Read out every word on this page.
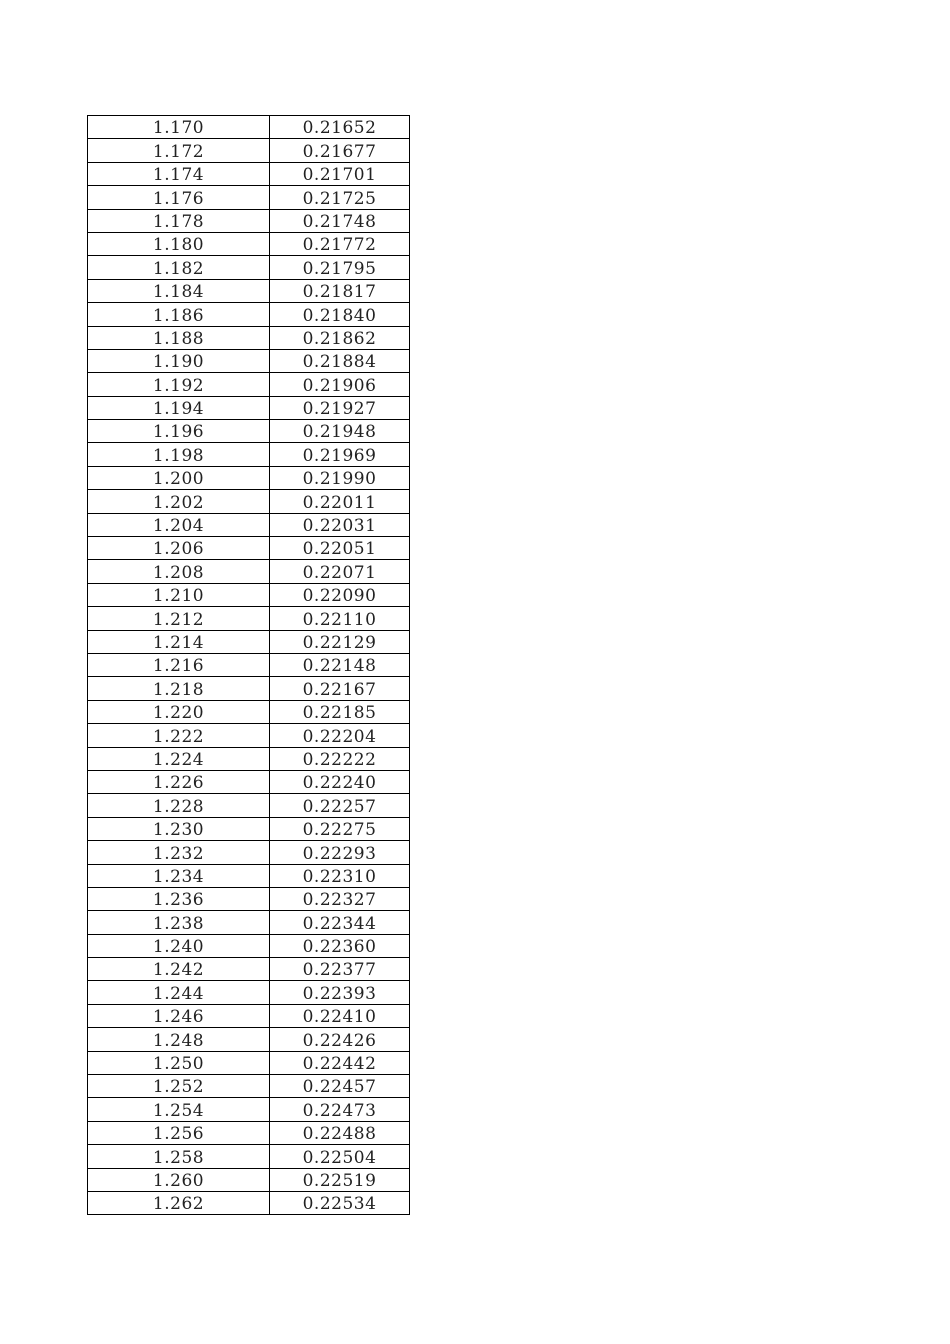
1.170	0.21652
1.172	0.21677
1.174	0.21701
1.176	0.21725
1.178	0.21748
1.180	0.21772
1.182	0.21795
1.184	0.21817
1.186	0.21840
1.188	0.21862
1.190	0.21884
1.192	0.21906
1.194	0.21927
1.196	0.21948
1.198	0.21969
1.200	0.21990
1.202	0.22011
1.204	0.22031
1.206	0.22051
1.208	0.22071
1.210	0.22090
1.212	0.22110
1.214	0.22129
1.216	0.22148
1.218	0.22167
1.220	0.22185
1.222	0.22204
1.224	0.22222
1.226	0.22240
1.228	0.22257
1.230	0.22275
1.232	0.22293
1.234	0.22310
1.236	0.22327
1.238	0.22344
1.240	0.22360
1.242	0.22377
1.244	0.22393
1.246	0.22410
1.248	0.22426
1.250	0.22442
1.252	0.22457
1.254	0.22473
1.256	0.22488
1.258	0.22504
1.260	0.22519
1.262	0.22534
